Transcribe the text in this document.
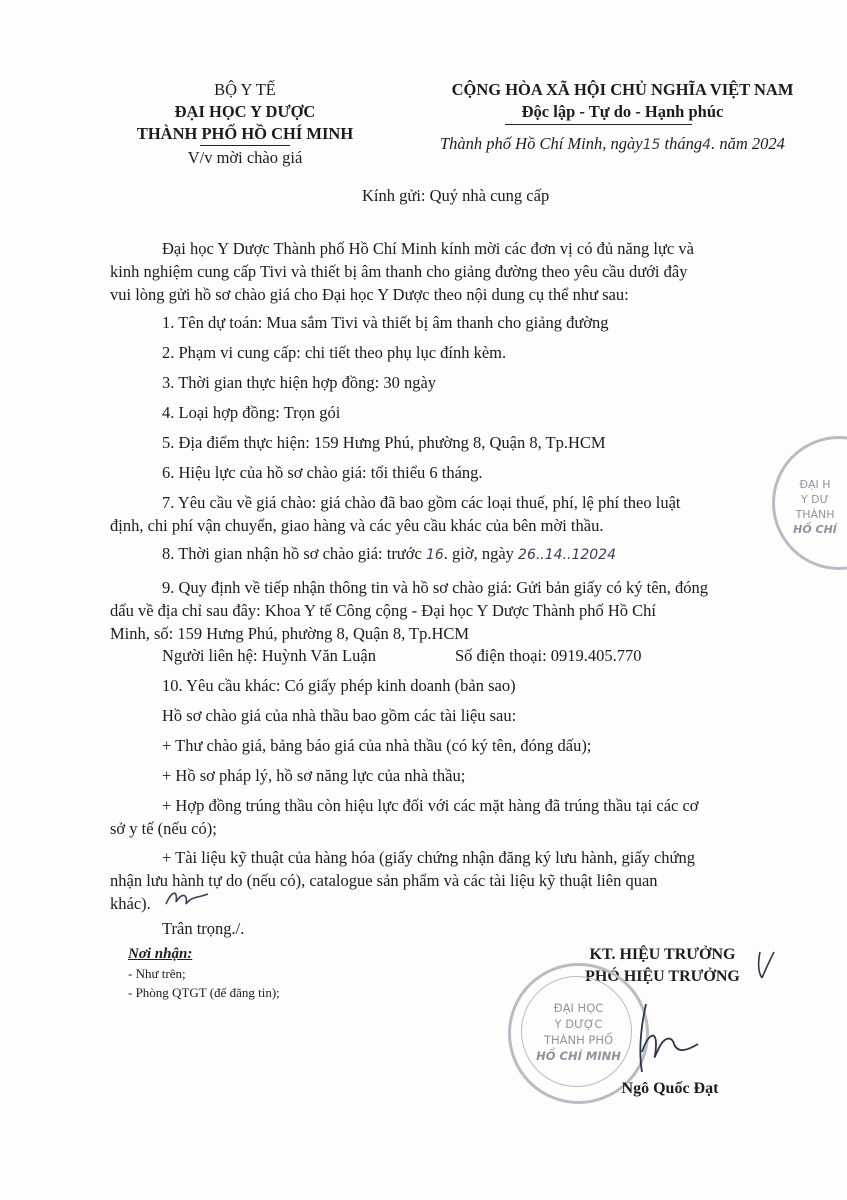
BỘ Y TẾ
ĐẠI HỌC Y DƯỢC
THÀNH PHỐ HỒ CHÍ MINH
V/v mời chào giá
CỘNG HÒA XÃ HỘI CHỦ NGHĨA VIỆT NAM
Độc lập - Tự do - Hạnh phúc
Thành phố Hồ Chí Minh, ngày15 tháng4. năm 2024
Kính gửi: Quý nhà cung cấp
Đại học Y Dược Thành phố Hồ Chí Minh kính mời các đơn vị có đủ năng lực và
kinh nghiệm cung cấp Tivi và thiết bị âm thanh cho giảng đường theo yêu cầu dưới đây
vui lòng gửi hồ sơ chào giá cho Đại học Y Dược theo nội dung cụ thể như sau:
1. Tên dự toán: Mua sắm Tivi và thiết bị âm thanh cho giảng đường
2. Phạm vi cung cấp: chi tiết theo phụ lục đính kèm.
3. Thời gian thực hiện hợp đồng: 30 ngày
4. Loại hợp đồng: Trọn gói
5. Địa điểm thực hiện: 159 Hưng Phú, phường 8, Quận 8, Tp.HCM
6. Hiệu lực của hồ sơ chào giá: tối thiểu 6 tháng.
7. Yêu cầu về giá chào: giá chào đã bao gồm các loại thuế, phí, lệ phí theo luật
định, chi phí vận chuyển, giao hàng và các yêu cầu khác của bên mời thầu.
8. Thời gian nhận hồ sơ chào giá: trước 16. giờ, ngày 26..14..12024
9. Quy định về tiếp nhận thông tin và hồ sơ chào giá: Gửi bản giấy có ký tên, đóng
dấu về địa chỉ sau đây: Khoa Y tế Công cộng - Đại học Y Dược Thành phố Hồ Chí
Minh, số: 159 Hưng Phú, phường 8, Quận 8, Tp.HCM
Người liên hệ: Huỳnh Văn Luận	Số điện thoại: 0919.405.770
10. Yêu cầu khác: Có giấy phép kinh doanh (bản sao)
Hồ sơ chào giá của nhà thầu bao gồm các tài liệu sau:
+ Thư chào giá, bảng báo giá của nhà thầu (có ký tên, đóng dấu);
+ Hồ sơ pháp lý, hồ sơ năng lực của nhà thầu;
+ Hợp đồng trúng thầu còn hiệu lực đối với các mặt hàng đã trúng thầu tại các cơ
sở y tế (nếu có);
+ Tài liệu kỹ thuật của hàng hóa (giấy chứng nhận đăng ký lưu hành, giấy chứng
nhận lưu hành tự do (nếu có), catalogue sản phẩm và các tài liệu kỹ thuật liên quan
khác).
Trân trọng./.
Nơi nhận:
- Như trên;
- Phòng QTGT (để đăng tin);
KT. HIỆU TRƯỞNG
PHÓ HIỆU TRƯỞNG
ĐẠI HỌC
Y DƯỢC
THÀNH PHỐ
HỒ CHÍ MINH
Ngô Quốc Đạt
ĐẠI H
Y DƯ
THÀNH
HỒ CHÍ
